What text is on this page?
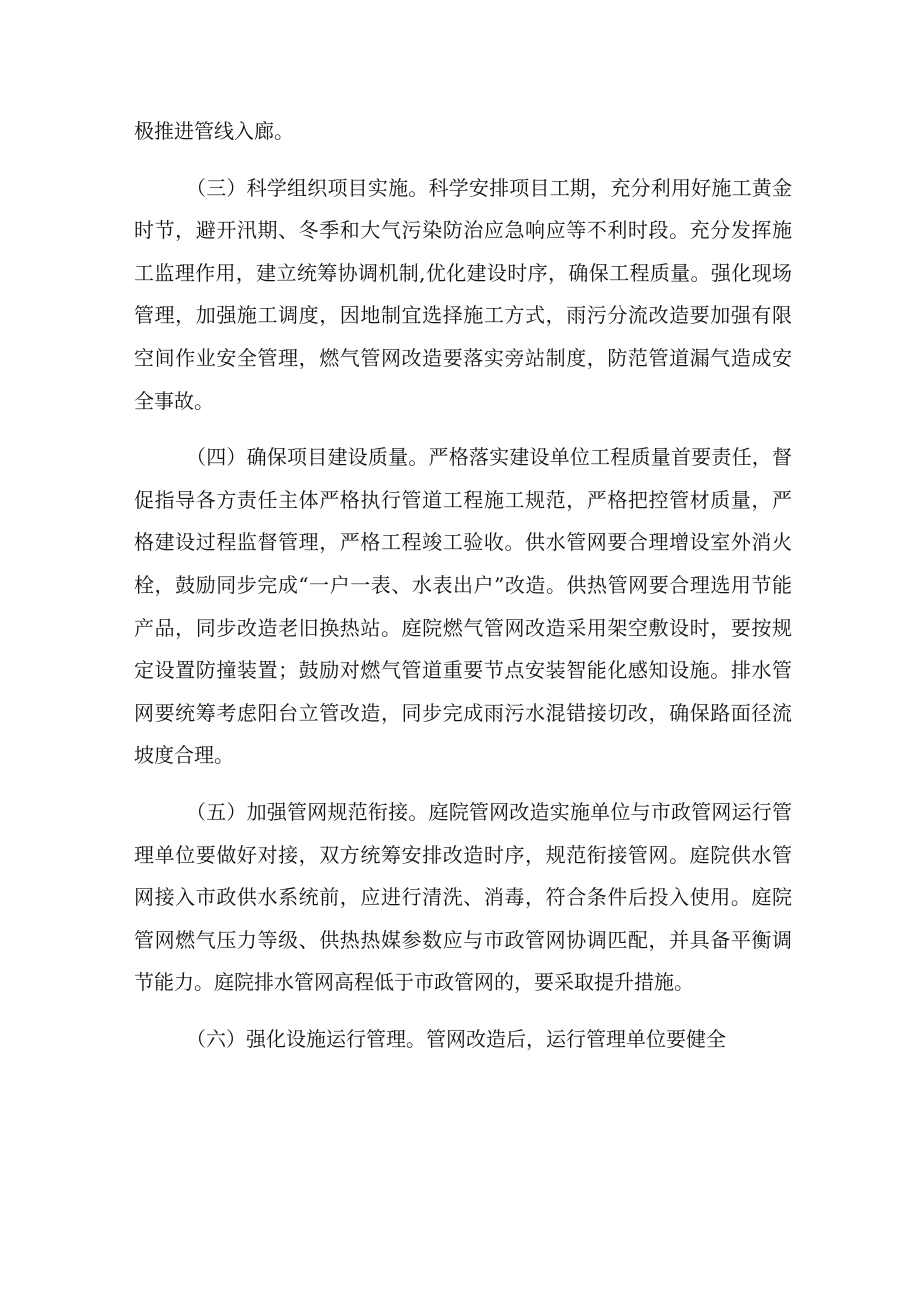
极推进管线入廊。

（三）科学组织项目实施。科学安排项目工期，充分利用好施工黄金时节，避开汛期、冬季和大气污染防治应急响应等不利时段。充分发挥施工监理作用，建立统筹协调机制,优化建设时序，确保工程质量。强化现场管理，加强施工调度，因地制宜选择施工方式，雨污分流改造要加强有限空间作业安全管理，燃气管网改造要落实旁站制度，防范管道漏气造成安全事故。

（四）确保项目建设质量。严格落实建设单位工程质量首要责任，督促指导各方责任主体严格执行管道工程施工规范，严格把控管材质量，严格建设过程监督管理，严格工程竣工验收。供水管网要合理增设室外消火栓，鼓励同步完成“一户一表、水表出户”改造。供热管网要合理选用节能产品，同步改造老旧换热站。庭院燃气管网改造采用架空敷设时，要按规定设置防撞装置；鼓励对燃气管道重要节点安装智能化感知设施。排水管网要统筹考虑阳台立管改造，同步完成雨污水混错接切改，确保路面径流坡度合理。

（五）加强管网规范衔接。庭院管网改造实施单位与市政管网运行管理单位要做好对接，双方统筹安排改造时序，规范衔接管网。庭院供水管网接入市政供水系统前，应进行清洗、消毒，符合条件后投入使用。庭院管网燃气压力等级、供热热媒参数应与市政管网协调匹配，并具备平衡调节能力。庭院排水管网高程低于市政管网的，要采取提升措施。

（六）强化设施运行管理。管网改造后，运行管理单位要健全
